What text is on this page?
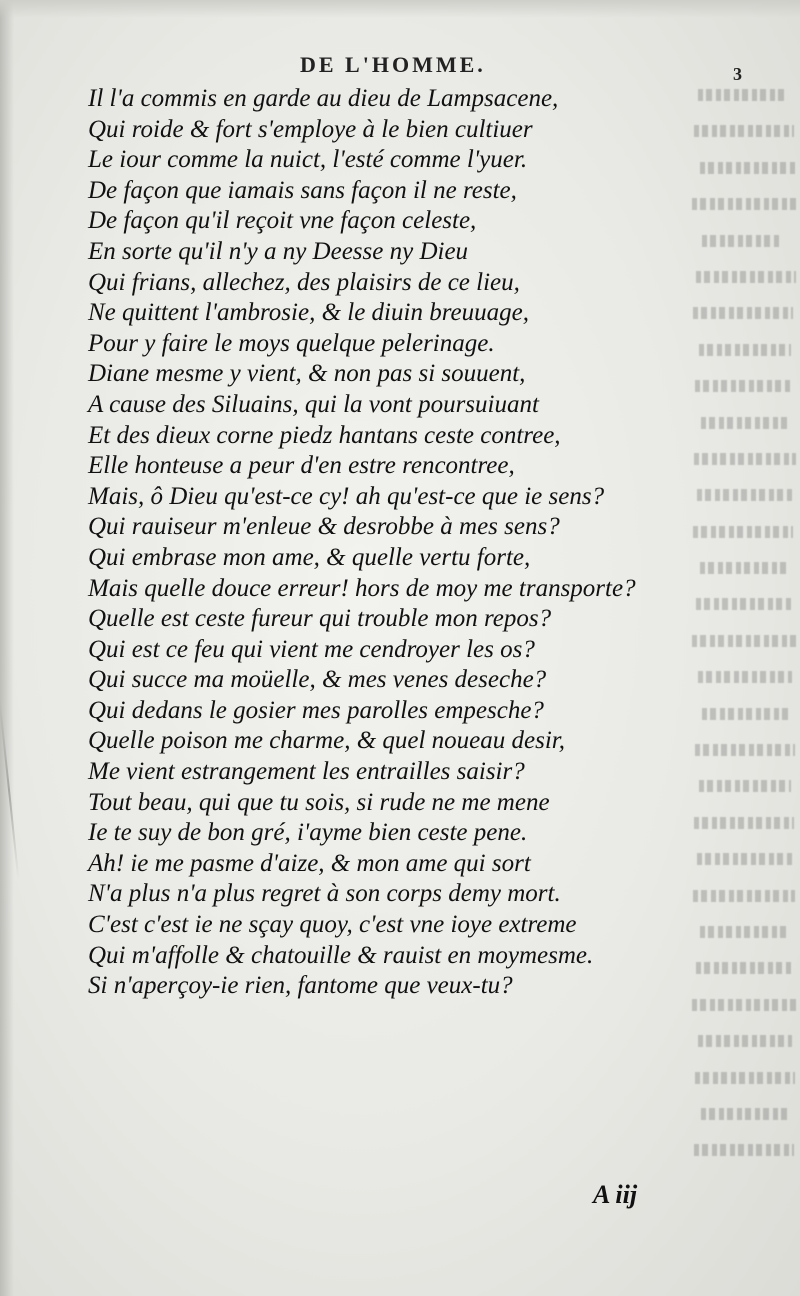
DE L'HOMME.	3
Il l'a commis en garde au dieu de Lampsacene,
Qui roide & fort s'employe à le bien cultiuer
Le iour comme la nuict, l'esté comme l'yuer.
De façon que iamais sans façon il ne reste,
De façon qu'il reçoit vne façon celeste,
En sorte qu'il n'y a ny Deesse ny Dieu
Qui frians, allechez, des plaisirs de ce lieu,
Ne quittent l'ambrosie, & le diuin breuuage,
Pour y faire le moys quelque pelerinage.
Diane mesme y vient, & non pas si souuent,
A cause des Siluains, qui la vont poursuiuant
Et des dieux corne piedz hantans ceste contree,
Elle honteuse a peur d'en estre rencontree,
Mais, ô Dieu qu'est-ce cy! ah qu'est-ce que ie sens?
Qui rauiseur m'enleue & desrobbe à mes sens?
Qui embrase mon ame, & quelle vertu forte,
Mais quelle douce erreur! hors de moy me transporte?
Quelle est ceste fureur qui trouble mon repos?
Qui est ce feu qui vient me cendroyer les os?
Qui succe ma moüelle, & mes venes deseche?
Qui dedans le gosier mes parolles empesche?
Quelle poison me charme, & quel noueau desir,
Me vient estrangement les entrailles saisir?
Tout beau, qui que tu sois, si rude ne me mene
Ie te suy de bon gré, i'ayme bien ceste pene.
Ah! ie me pasme d'aize, & mon ame qui sort
N'a plus n'a plus regret à son corps demy mort.
C'est c'est ie ne sçay quoy, c'est vne ioye extreme
Qui m'affolle & chatouille & rauist en moymesme.
Si n'aperçoy-ie rien, fantome que veux-tu?
A iij
